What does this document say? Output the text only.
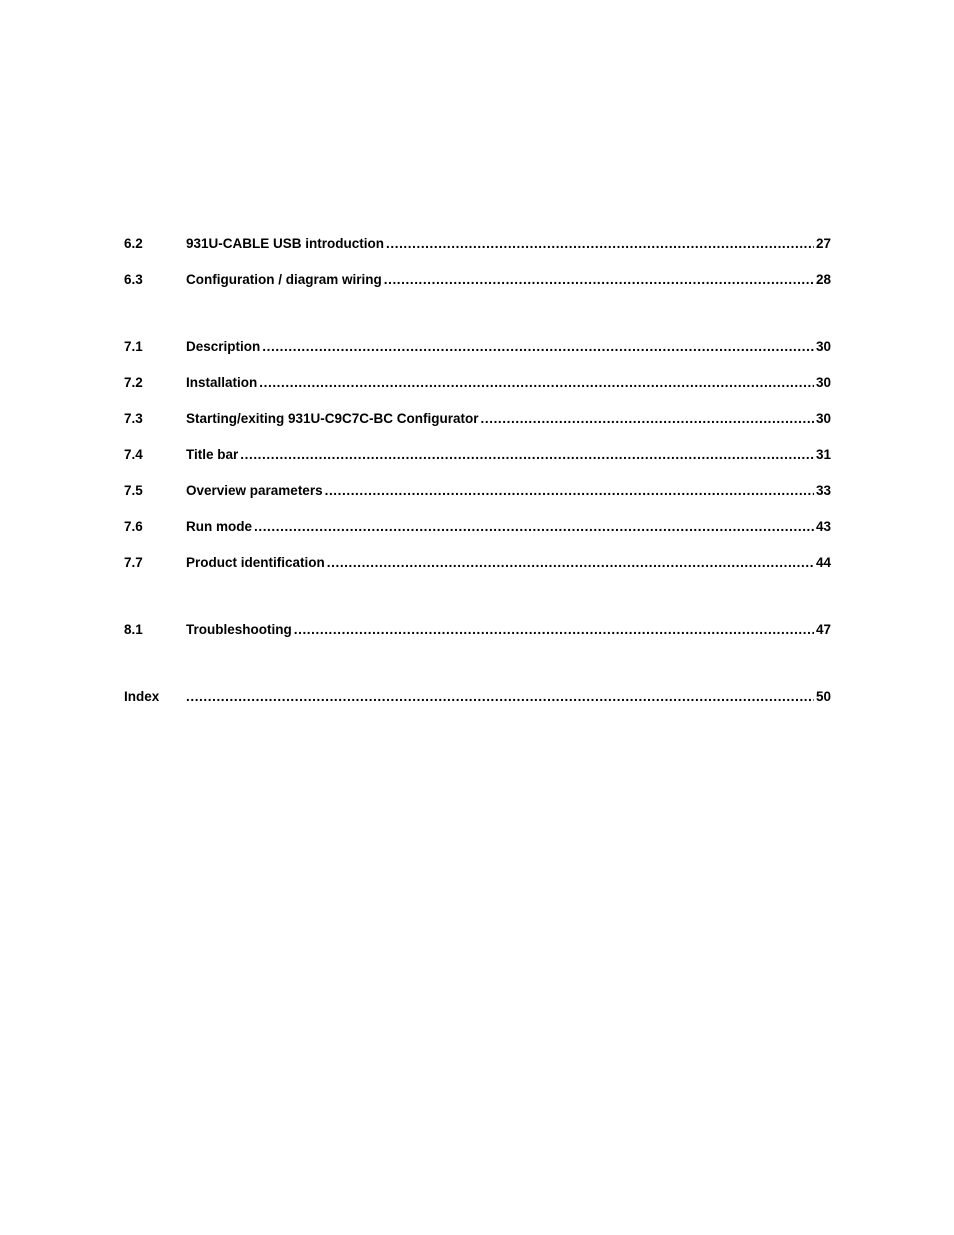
6.2	931U-CABLE USB introduction .....	27
6.3	Configuration / diagram wiring .....	28
7.1	Description .....	30
7.2	Installation .....	30
7.3	Starting/exiting 931U-C9C7C-BC Configurator .....	30
7.4	Title bar .....	31
7.5	Overview parameters .....	33
7.6	Run mode .....	43
7.7	Product identification .....	44
8.1	Troubleshooting .....	47
Index .....	50
